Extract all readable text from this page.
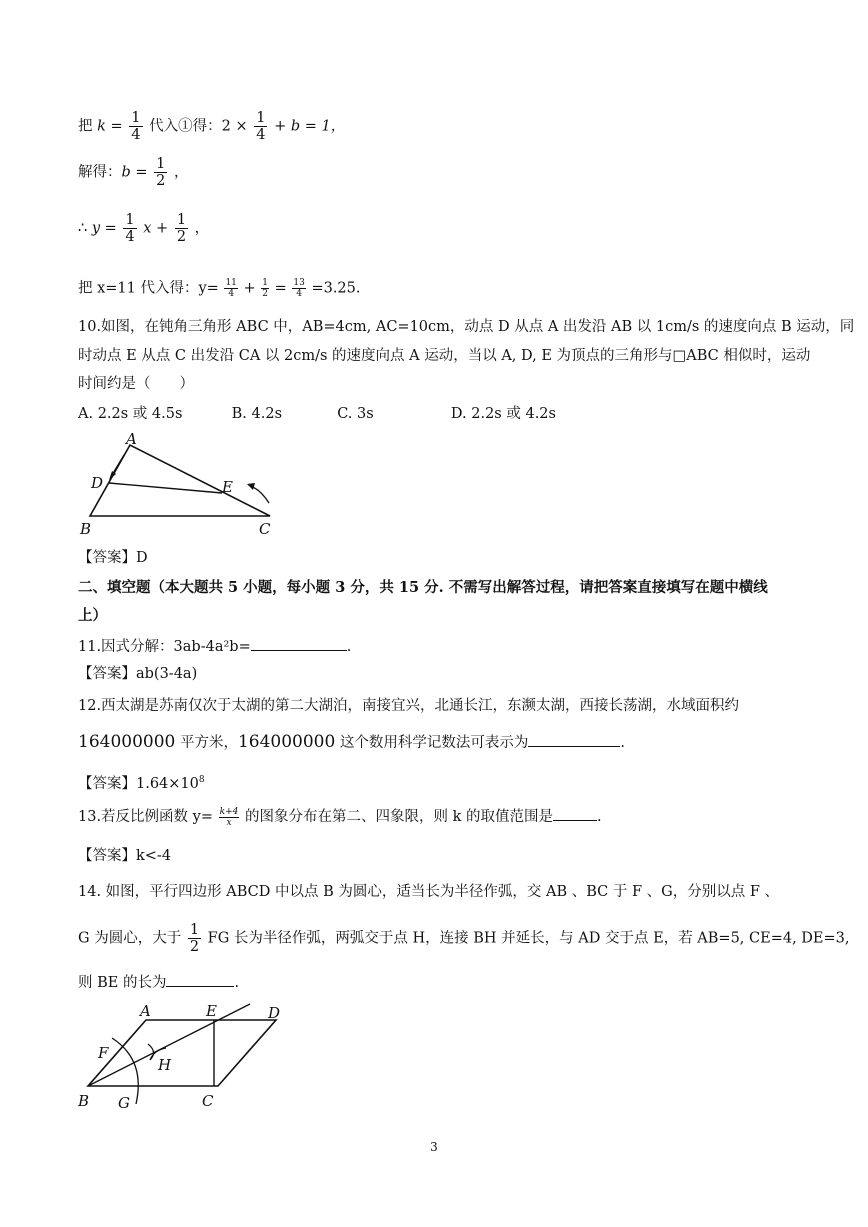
把 $k = \frac{1}{4}$ 代入①得：$2 \times \frac{1}{4} + b = 1$，
解得：$b = \frac{1}{2}$ ，
∴ $y = \frac{1}{4}$ $x + \frac{1}{2}$ ，
把 x=11 代入得：$y= \frac{11}{4} + \frac{1}{2} = \frac{13}{4} =3.25$.
10.如图，在钝角三角形 ABC 中，AB=4cm, AC=10cm，动点 D 从点 A 出发沿 AB 以 1cm/s 的速度向点 B 运动，同
时动点 E 从点 C 出发沿 CA 以 2cm/s 的速度向点 A 运动，当以 A, D, E 为顶点的三角形与□ABC 相似时，运动
时间约是（　　）
A. 2.2s 或 4.5s	B. 4.2s	C. 3s	D. 2.2s 或 4.2s
A
D	E
B	C
【答案】D
二、填空题（本大题共 5 小题，每小题 3 分，共 15 分. 不需写出解答过程，请把答案直接填写在题中横线
上）
11.因式分解：3ab-4a²b=	.
【答案】ab(3-4a)
12.西太湖是苏南仅次于太湖的第二大湖泊，南接宜兴，北通长江，东濒太湖，西接长荡湖，水域面积约
164000000 平方米，164000000 这个数用科学记数法可表示为	.
【答案】$1.64\times 10^8$
13.若反比例函数 $y= \frac{k+4}{x}$ 的图象分布在第二、四象限，则 k 的取值范围是	.
【答案】k<-4
14. 如图，平行四边形 ABCD 中以点 B 为圆心，适当长为半径作弧，交 AB 、BC 于 F 、G，分别以点 F 、
G 为圆心，大于 $\frac{1}{2}$ FG 长为半径作弧，两弧交于点 H，连接 BH 并延长，与 AD 交于点 E，若 AB=5, CE=4, DE=3,
则 BE 的长为	.
A	E	D
F
H
B G	C
3
